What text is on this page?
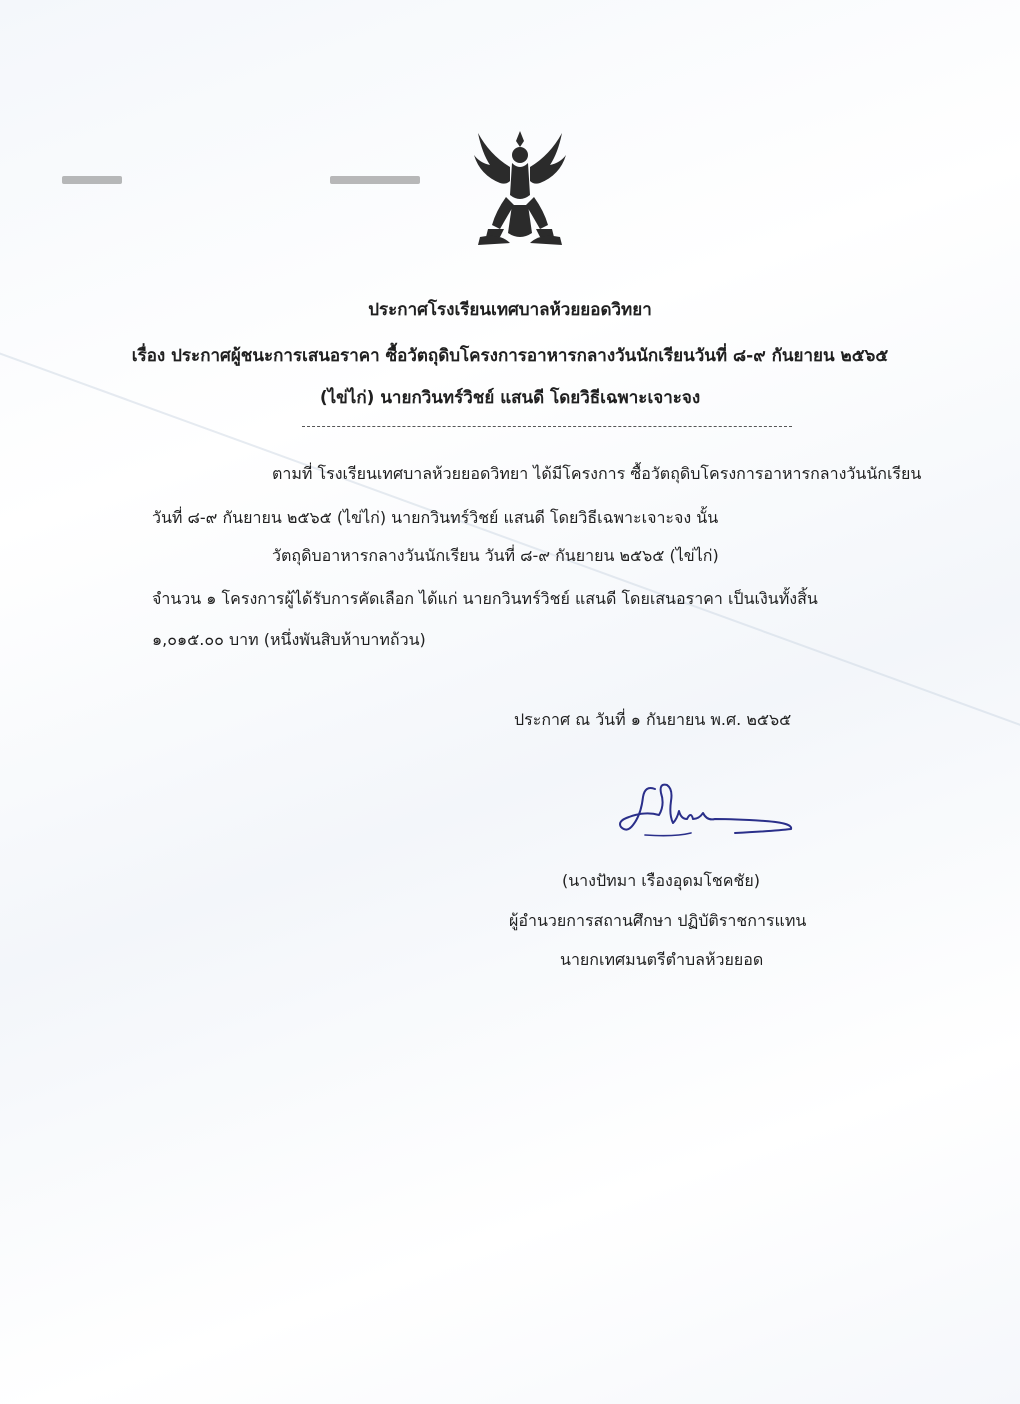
ประกาศโรงเรียนเทศบาลห้วยยอดวิทยา
เรื่อง ประกาศผู้ชนะการเสนอราคา ซื้อวัตถุดิบโครงการอาหารกลางวันนักเรียนวันที่ ๘-๙ กันยายน ๒๕๖๕
(ไข่ไก่) นายกวินทร์วิชย์ แสนดี โดยวิธีเฉพาะเจาะจง
ตามที่ โรงเรียนเทศบาลห้วยยอดวิทยา ได้มีโครงการ ซื้อวัตถุดิบโครงการอาหารกลางวันนักเรียน
วันที่ ๘-๙ กันยายน ๒๕๖๕ (ไข่ไก่) นายกวินทร์วิชย์ แสนดี โดยวิธีเฉพาะเจาะจง นั้น
วัตถุดิบอาหารกลางวันนักเรียน วันที่ ๘-๙ กันยายน ๒๕๖๕ (ไข่ไก่)
จำนวน ๑ โครงการผู้ได้รับการคัดเลือก ได้แก่ นายกวินทร์วิชย์ แสนดี โดยเสนอราคา เป็นเงินทั้งสิ้น
๑,๐๑๕.๐๐ บาท (หนึ่งพันสิบห้าบาทถ้วน)
ประกาศ ณ วันที่ ๑ กันยายน พ.ศ. ๒๕๖๕
(นางปัทมา เรืองอุดมโชคชัย)
ผู้อำนวยการสถานศึกษา ปฏิบัติราชการแทน
นายกเทศมนตรีตำบลห้วยยอด
